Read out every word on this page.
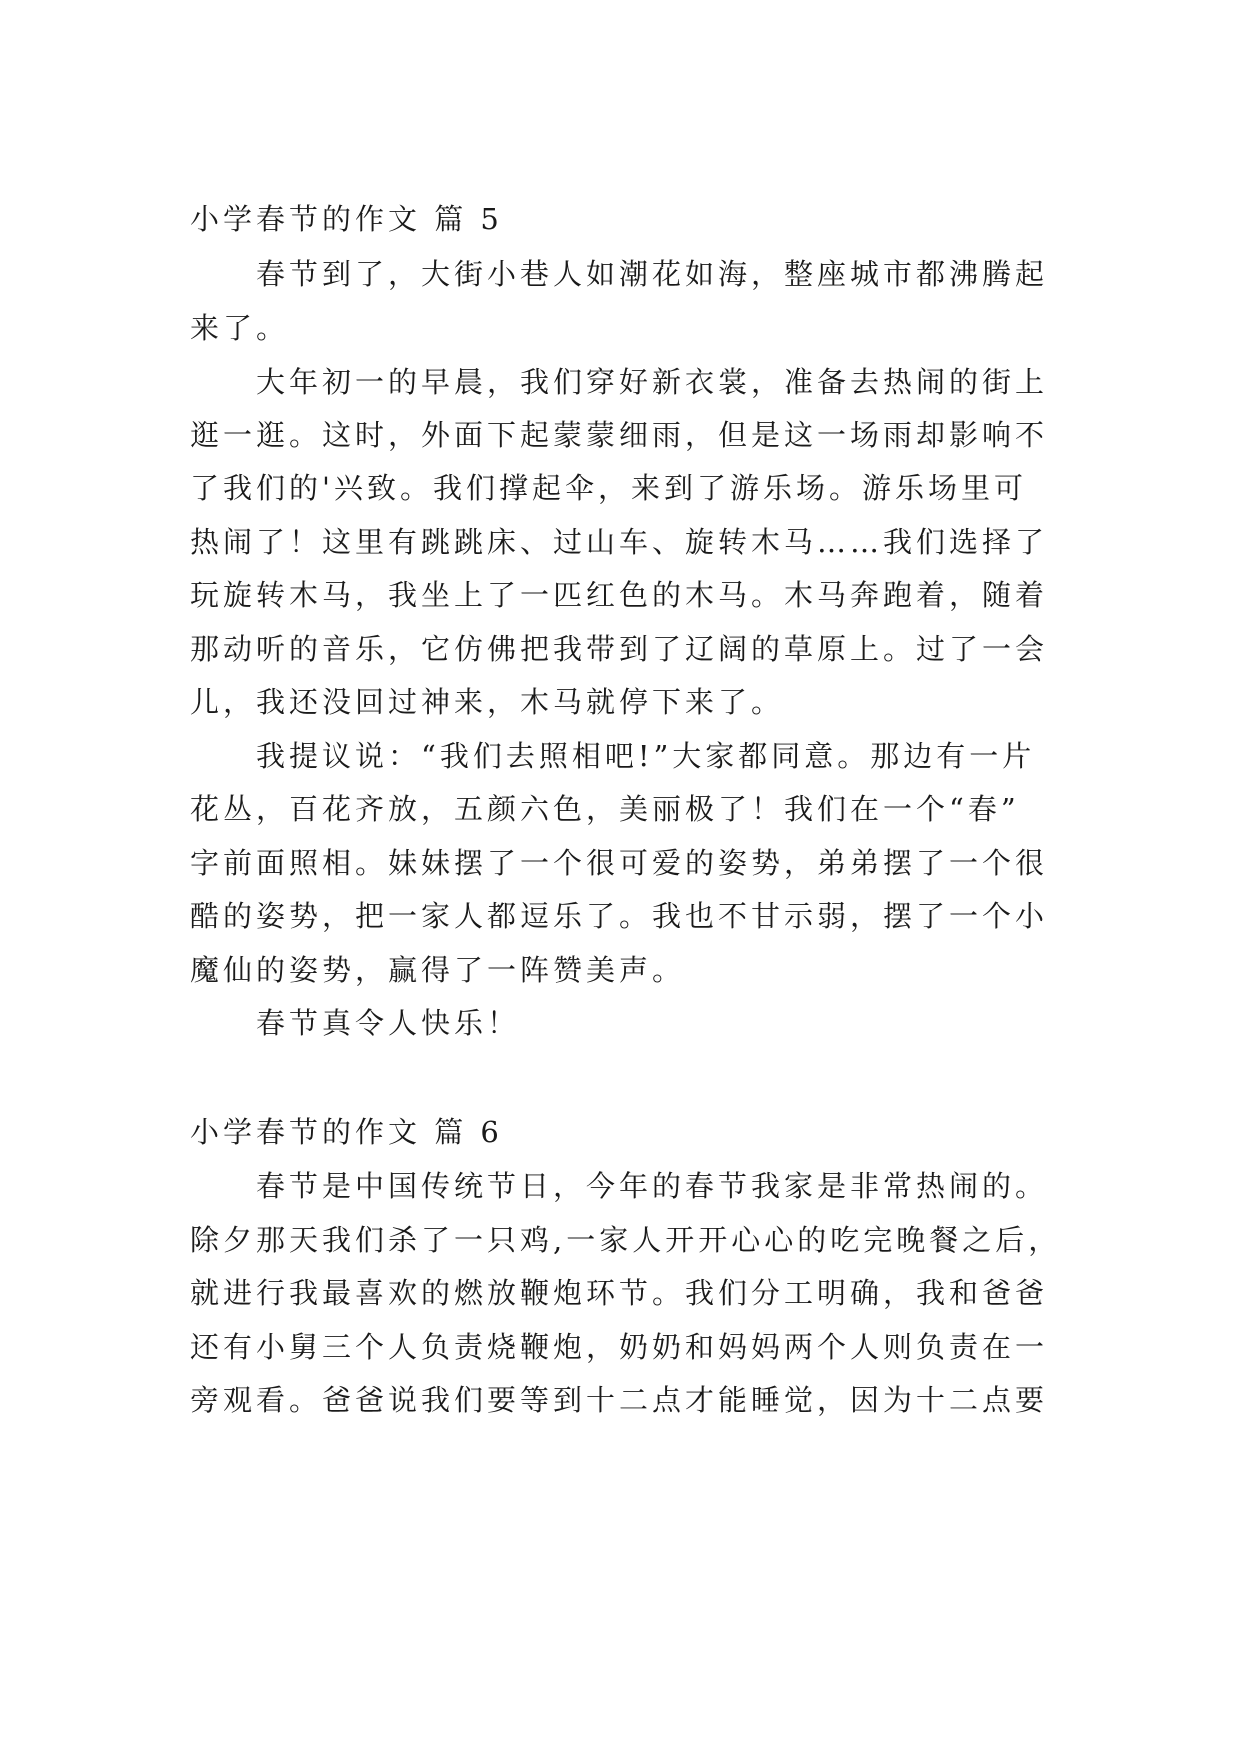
小学春节的作文 篇 5
春节到了，大街小巷人如潮花如海，整座城市都沸腾起
来了。
大年初一的早晨，我们穿好新衣裳，准备去热闹的街上
逛一逛。这时，外面下起蒙蒙细雨，但是这一场雨却影响不
了我们的'兴致。我们撑起伞，来到了游乐场。游乐场里可
热闹了！这里有跳跳床、过山车、旋转木马……我们选择了
玩旋转木马，我坐上了一匹红色的木马。木马奔跑着，随着
那动听的音乐，它仿佛把我带到了辽阔的草原上。过了一会
儿，我还没回过神来，木马就停下来了。
我提议说：“我们去照相吧!”大家都同意。那边有一片
花丛，百花齐放，五颜六色，美丽极了！我们在一个“春”
字前面照相。妹妹摆了一个很可爱的姿势，弟弟摆了一个很
酷的姿势，把一家人都逗乐了。我也不甘示弱，摆了一个小
魔仙的姿势，赢得了一阵赞美声。
春节真令人快乐！
小学春节的作文 篇 6
春节是中国传统节日，今年的春节我家是非常热闹的。
除夕那天我们杀了一只鸡,一家人开开心心的吃完晚餐之后，
就进行我最喜欢的燃放鞭炮环节。我们分工明确，我和爸爸
还有小舅三个人负责烧鞭炮，奶奶和妈妈两个人则负责在一
旁观看。爸爸说我们要等到十二点才能睡觉，因为十二点要
